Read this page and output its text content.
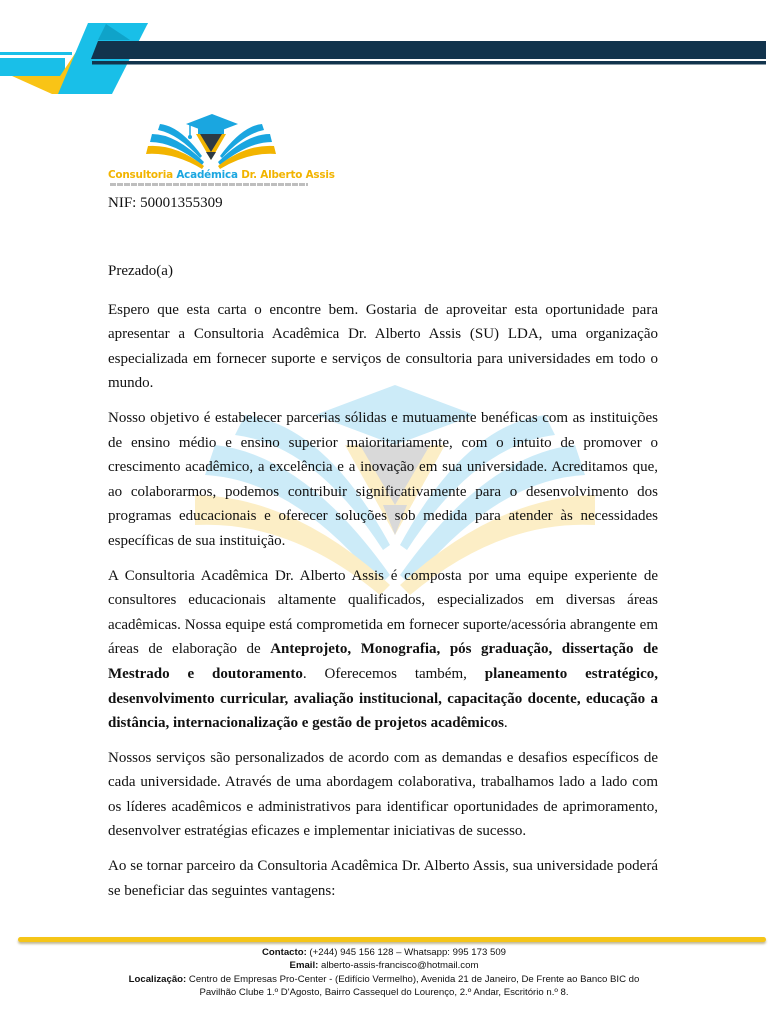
Consultoria Académica Dr. Alberto Assis
NIF: 50001355309

Prezado(a)

Espero que esta carta o encontre bem. Gostaria de aproveitar esta oportunidade para apresentar a Consultoria Acadêmica Dr. Alberto Assis (SU) LDA, uma organização especializada em fornecer suporte e serviços de consultoria para universidades em todo o mundo.

Nosso objetivo é estabelecer parcerias sólidas e mutuamente benéficas com as instituições de ensino médio e ensino superior maioritariamente, com o intuito de promover o crescimento acadêmico, a excelência e a inovação em sua universidade. Acreditamos que, ao colaborarmos, podemos contribuir significativamente para o desenvolvimento dos programas educacionais e oferecer soluções sob medida para atender às necessidades específicas de sua instituição.

A Consultoria Acadêmica Dr. Alberto Assis é composta por uma equipe experiente de consultores educacionais altamente qualificados, especializados em diversas áreas acadêmicas. Nossa equipe está comprometida em fornecer suporte/acessória abrangente em áreas de elaboração de Anteprojeto, Monografia, pós graduação, dissertação de Mestrado e doutoramento. Oferecemos também, planeamento estratégico, desenvolvimento curricular, avaliação institucional, capacitação docente, educação a distância, internacionalização e gestão de projetos acadêmicos.

Nossos serviços são personalizados de acordo com as demandas e desafios específicos de cada universidade. Através de uma abordagem colaborativa, trabalhamos lado a lado com os líderes acadêmicos e administrativos para identificar oportunidades de aprimoramento, desenvolver estratégias eficazes e implementar iniciativas de sucesso.

Ao se tornar parceiro da Consultoria Acadêmica Dr. Alberto Assis, sua universidade poderá se beneficiar das seguintes vantagens:

Contacto: (+244) 945 156 128 – Whatsapp: 995 173 509
Email: alberto-assis-francisco@hotmail.com
Localização: Centro de Empresas Pro-Center - (Edifício Vermelho), Avenida 21 de Janeiro, De Frente ao Banco BIC do
Pavilhão Clube 1.º D'Agosto, Bairro Cassequel do Lourenço, 2.º Andar, Escritório n.º 8.
